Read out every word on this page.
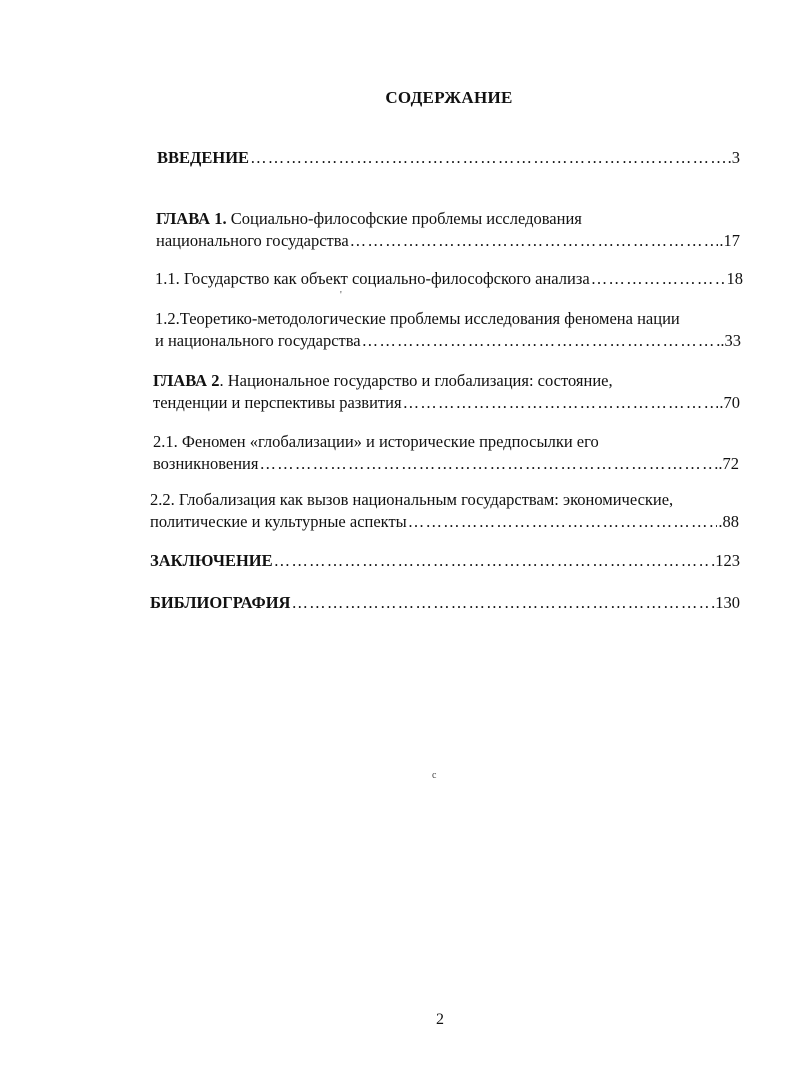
СОДЕРЖАНИЕ
ВВЕДЕНИЕ …………………………………………………………………………………………………………………………………………	.3
ГЛАВА 1. Социально-философские проблемы исследования
национального государства …………………………………………………………………………………………………………………………………………	.17
1.1. Государство как объект социально-философского анализа …………………………………………………………………………………………………………………………………………	18
1.2.Теоретико-методологические проблемы исследования феномена нации
и национального государства …………………………………………………………………………………………………………………………………………	..33
ГЛАВА 2. Национальное государство и глобализация: состояние,
тенденции и перспективы развития …………………………………………………………………………………………………………………………………………	.70
2.1. Феномен «глобализации» и исторические предпосылки его
возникновения …………………………………………………………………………………………………………………………………………	..72
2.2. Глобализация как вызов национальным государствам: экономические,
политические и культурные аспекты …………………………………………………………………………………………………………………………………………	.88
ЗАКЛЮЧЕНИЕ …………………………………………………………………………………………………………………………………………	.123
БИБЛИОГРАФИЯ …………………………………………………………………………………………………………………………………………	.130
'
c
2
